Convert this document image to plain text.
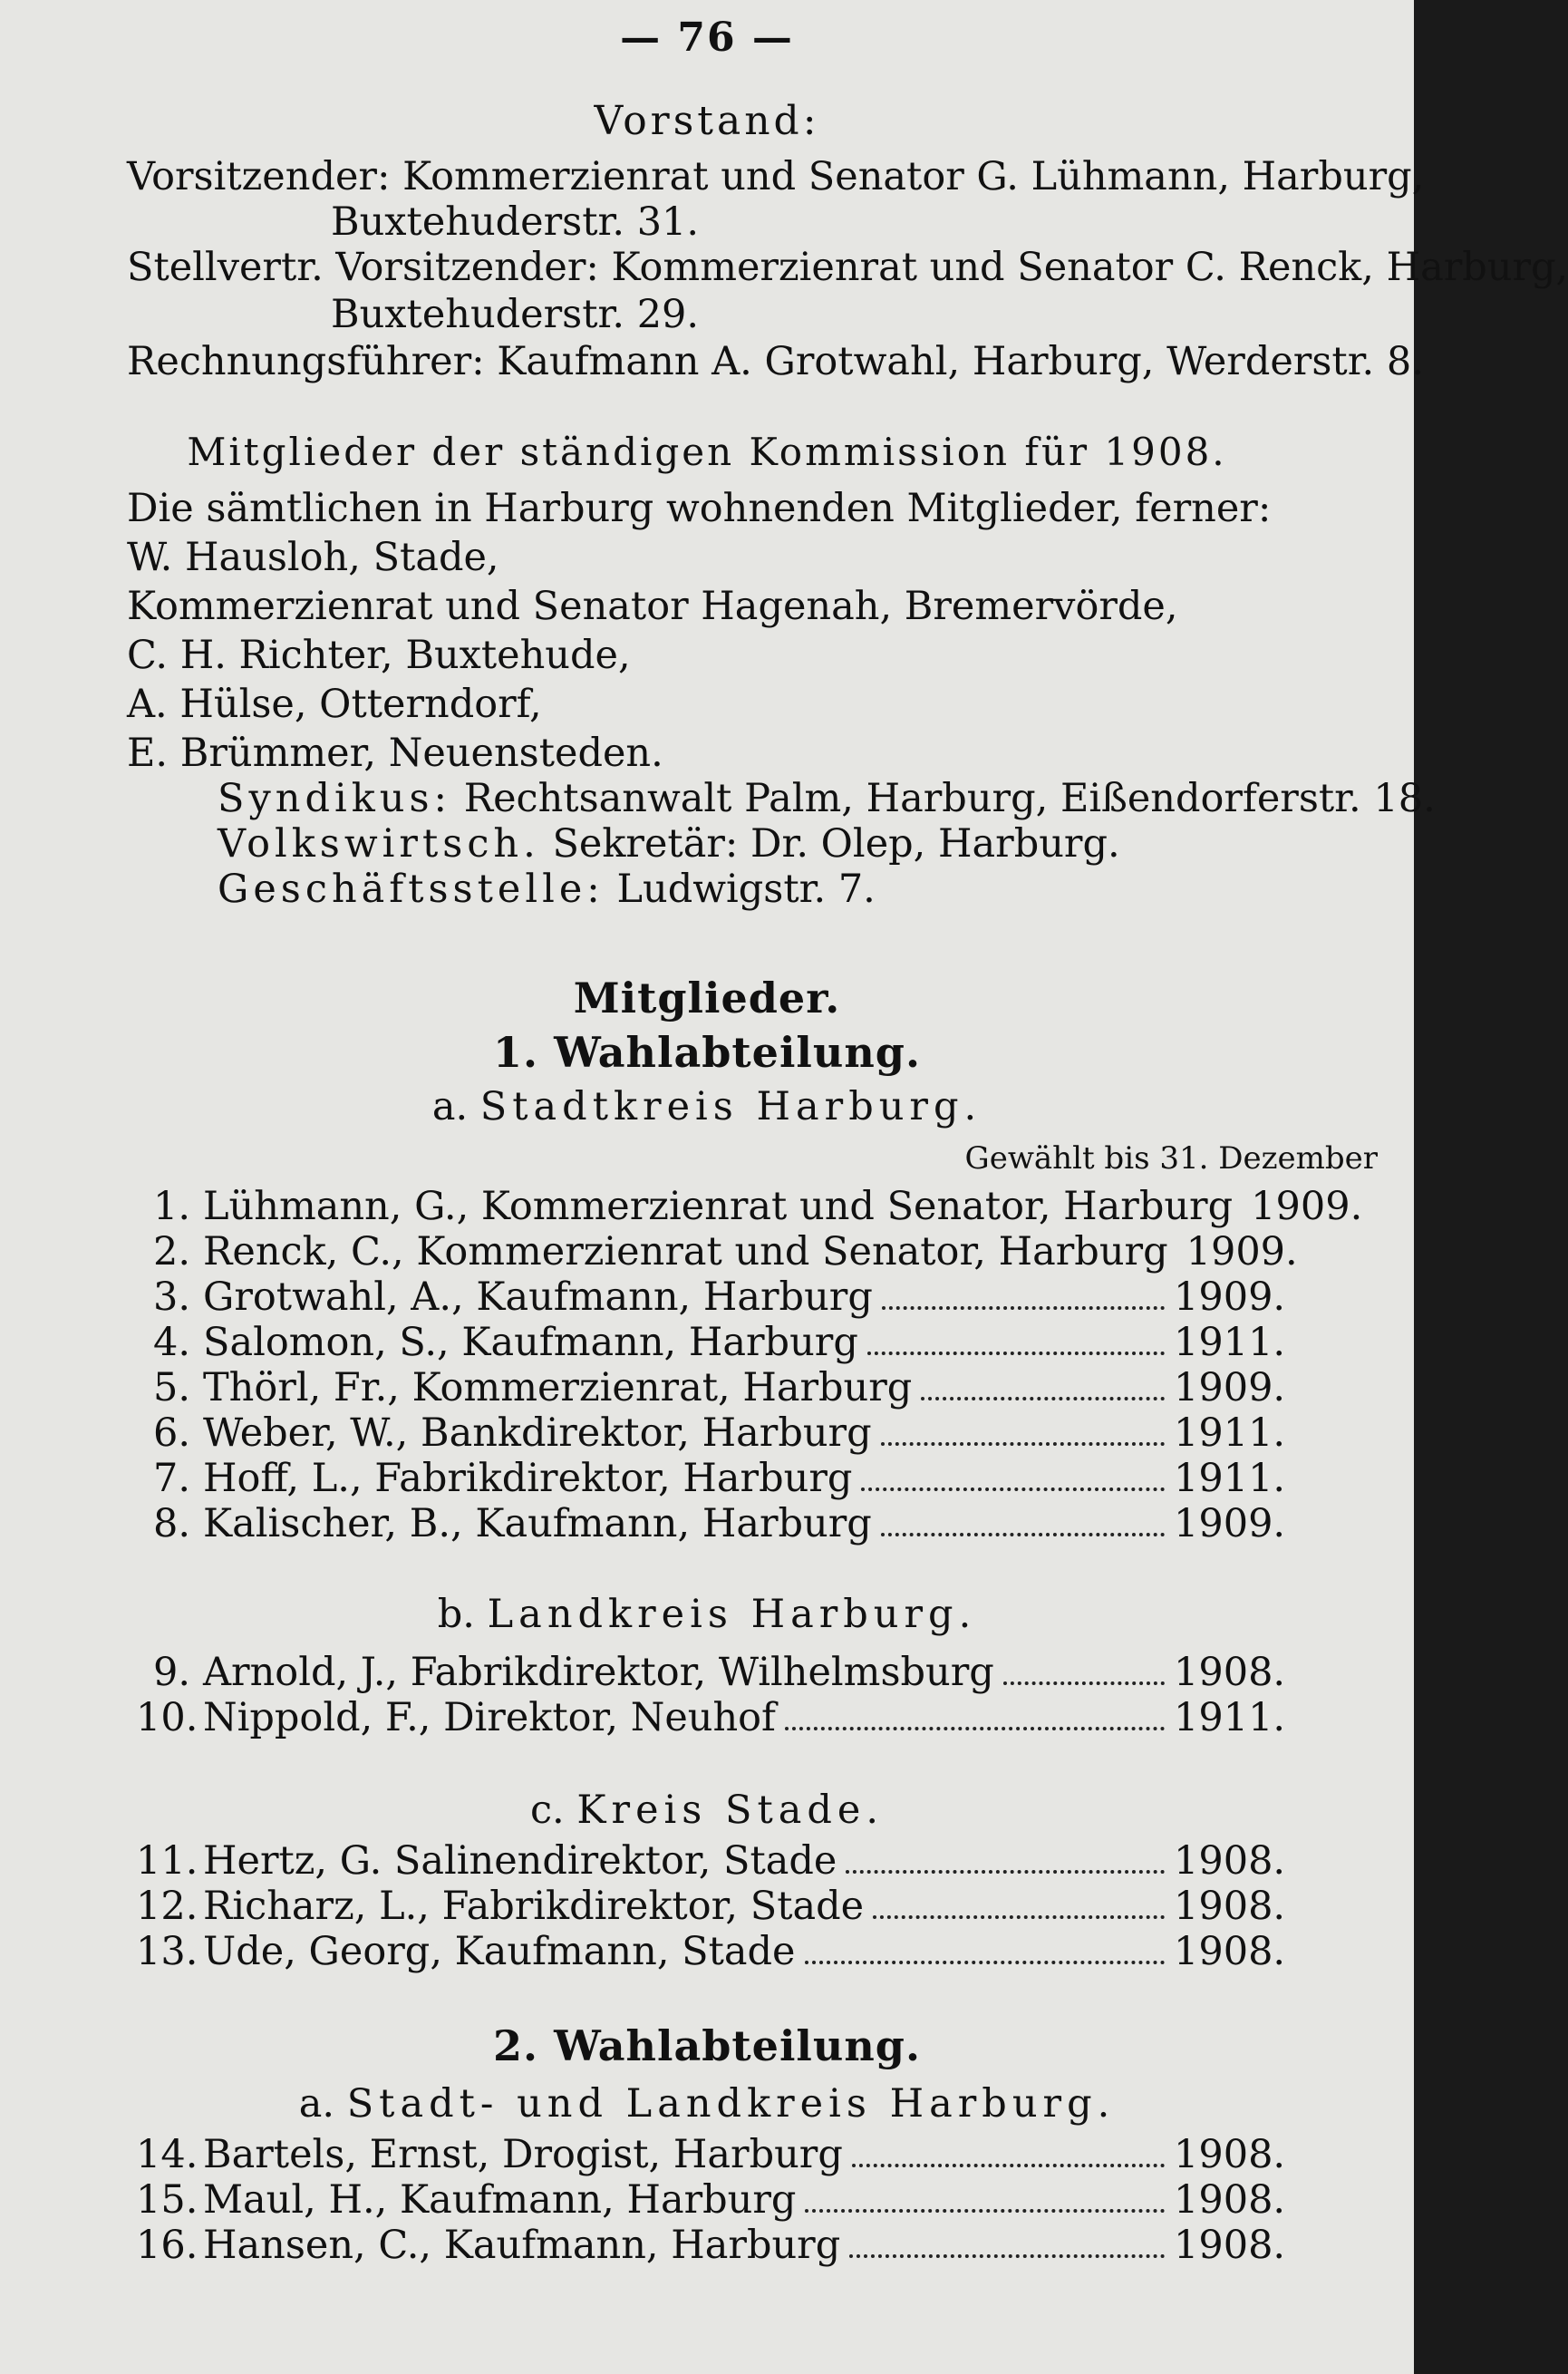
— 76 —
Vorstand:
Vorsitzender: Kommerzienrat und Senator G. Lühmann, Harburg,
Buxtehuderstr. 31.
Stellvertr. Vorsitzender: Kommerzienrat und Senator C. Renck, Harburg,
Buxtehuderstr. 29.
Rechnungsführer: Kaufmann A. Grotwahl, Harburg, Werderstr. 8.
Mitglieder der ständigen Kommission für 1908.
Die sämtlichen in Harburg wohnenden Mitglieder, ferner:
W. Hausloh, Stade,
Kommerzienrat und Senator Hagenah, Bremervörde,
C. H. Richter, Buxtehude,
A. Hülse, Otterndorf,
E. Brümmer, Neuensteden.
Syndikus: Rechtsanwalt Palm, Harburg, Eißendorferstr. 18.
Volkswirtsch. Sekretär: Dr. Olep, Harburg.
Geschäftsstelle: Ludwigstr. 7.
Mitglieder.
1. Wahlabteilung.
a. Stadtkreis Harburg.
Gewählt bis 31. Dezember
1. Lühmann, G., Kommerzienrat und Senator, Harburg 1909.
2. Renck, C., Kommerzienrat und Senator, Harburg 1909.
3. Grotwahl, A., Kaufmann, Harburg	1909.
4. Salomon, S., Kaufmann, Harburg	1911.
5. Thörl, Fr., Kommerzienrat, Harburg	1909.
6. Weber, W., Bankdirektor, Harburg	1911.
7. Hoff, L., Fabrikdirektor, Harburg	1911.
8. Kalischer, B., Kaufmann, Harburg	1909.
b. Landkreis Harburg.
9. Arnold, J., Fabrikdirektor, Wilhelmsburg	1908.
10. Nippold, F., Direktor, Neuhof	1911.
c. Kreis Stade.
11. Hertz, G. Salinendirektor, Stade	1908.
12. Richarz, L., Fabrikdirektor, Stade	1908.
13. Ude, Georg, Kaufmann, Stade	1908.
2. Wahlabteilung.
a. Stadt- und Landkreis Harburg.
14. Bartels, Ernst, Drogist, Harburg	1908.
15. Maul, H., Kaufmann, Harburg	1908.
16. Hansen, C., Kaufmann, Harburg	1908.
